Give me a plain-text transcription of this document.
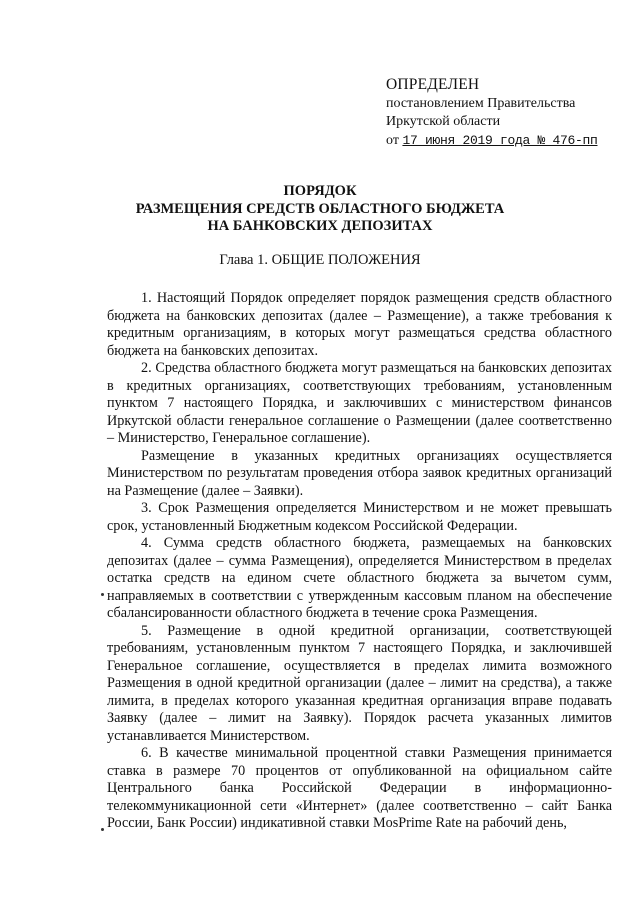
ОПРЕДЕЛЕН
постановлением Правительства
Иркутской области
от 17 июня 2019 года № 476-пп
ПОРЯДОК
РАЗМЕЩЕНИЯ СРЕДСТВ ОБЛАСТНОГО БЮДЖЕТА
НА БАНКОВСКИХ ДЕПОЗИТАХ
Глава 1. ОБЩИЕ ПОЛОЖЕНИЯ

1. Настоящий Порядок определяет порядок размещения средств областного бюджета на банковских депозитах (далее – Размещение), а также требования к кредитным организациям, в которых могут размещаться средства областного бюджета на банковских депозитах.

2. Средства областного бюджета могут размещаться на банковских депозитах в кредитных организациях, соответствующих требованиям, установленным пунктом 7 настоящего Порядка, и заключивших с министерством финансов Иркутской области генеральное соглашение о Размещении (далее соответственно – Министерство, Генеральное соглашение).

Размещение в указанных кредитных организациях осуществляется Министерством по результатам проведения отбора заявок кредитных организаций на Размещение (далее – Заявки).

3. Срок Размещения определяется Министерством и не может превышать срок, установленный Бюджетным кодексом Российской Федерации.

4. Сумма средств областного бюджета, размещаемых на банковских депозитах (далее – сумма Размещения), определяется Министерством в пределах остатка средств на едином счете областного бюджета за вычетом сумм, направляемых в соответствии с утвержденным кассовым планом на обеспечение сбалансированности областного бюджета в течение срока Размещения.

5. Размещение в одной кредитной организации, соответствующей требованиям, установленным пунктом 7 настоящего Порядка, и заключившей Генеральное соглашение, осуществляется в пределах лимита возможного Размещения в одной кредитной организации (далее – лимит на средства), а также лимита, в пределах которого указанная кредитная организация вправе подавать Заявку (далее – лимит на Заявку). Порядок расчета указанных лимитов устанавливается Министерством.

6. В качестве минимальной процентной ставки Размещения принимается ставка в размере 70 процентов от опубликованной на официальном сайте Центрального банка Российской Федерации в информационно-телекоммуникационной сети «Интернет» (далее соответственно – сайт Банка России, Банк России) индикативной ставки MosPrime Rate на рабочий день,
